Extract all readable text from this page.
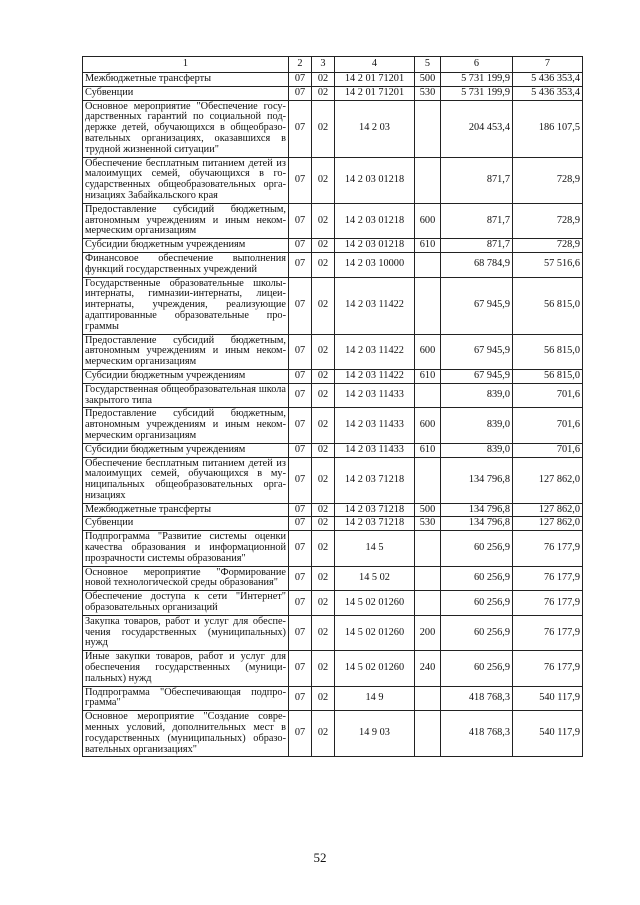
1	2	3	4	5	6	7
Межбюджетные трансферты	07	02	14 2 01 71201	500	5 731 199,9	5 436 353,4
Субвенции	07	02	14 2 01 71201	530	5 731 199,9	5 436 353,4
Основное мероприятие "Обеспечение госу-дарственных гарантий по социальной под-держке детей, обучающихся в общеобразо-вательных организациях, оказавшихся в трудной жизненной ситуации"	07	02	14 2 03		204 453,4	186 107,5
Обеспечение бесплатным питанием детей из малоимущих семей, обучающихся в го-сударственных общеобразовательных орга-низациях Забайкальского края	07	02	14 2 03 01218		871,7	728,9
Предоставление субсидий бюджетным, автономным учреждениям и иным неком-мерческим организациям	07	02	14 2 03 01218	600	871,7	728,9
Субсидии бюджетным учреждениям	07	02	14 2 03 01218	610	871,7	728,9
Финансовое обеспечение выполнения функций государственных учреждений	07	02	14 2 03 10000		68 784,9	57 516,6
Государственные образовательные школы-интернаты, гимназии-интернаты, лицеи-интернаты, учреждения, реализующие адаптированные образовательные про-граммы	07	02	14 2 03 11422		67 945,9	56 815,0
Предоставление субсидий бюджетным, автономным учреждениям и иным неком-мерческим организациям	07	02	14 2 03 11422	600	67 945,9	56 815,0
Субсидии бюджетным учреждениям	07	02	14 2 03 11422	610	67 945,9	56 815,0
Государственная общеобразовательная школа закрытого типа	07	02	14 2 03 11433		839,0	701,6
Предоставление субсидий бюджетным, автономным учреждениям и иным неком-мерческим организациям	07	02	14 2 03 11433	600	839,0	701,6
Субсидии бюджетным учреждениям	07	02	14 2 03 11433	610	839,0	701,6
Обеспечение бесплатным питанием детей из малоимущих семей, обучающихся в му-ниципальных общеобразовательных орга-низациях	07	02	14 2 03 71218		134 796,8	127 862,0
Межбюджетные трансферты	07	02	14 2 03 71218	500	134 796,8	127 862,0
Субвенции	07	02	14 2 03 71218	530	134 796,8	127 862,0
Подпрограмма "Развитие системы оценки качества образования и информационной прозрачности системы образования"	07	02	14 5		60 256,9	76 177,9
Основное мероприятие "Формирование новой технологической среды образования"	07	02	14 5 02		60 256,9	76 177,9
Обеспечение доступа к сети "Интернет" образовательных организаций	07	02	14 5 02 01260		60 256,9	76 177,9
Закупка товаров, работ и услуг для обеспе-чения государственных (муниципальных) нужд	07	02	14 5 02 01260	200	60 256,9	76 177,9
Иные закупки товаров, работ и услуг для обеспечения государственных (муници-пальных) нужд	07	02	14 5 02 01260	240	60 256,9	76 177,9
Подпрограмма "Обеспечивающая подпро-грамма"	07	02	14 9		418 768,3	540 117,9
Основное мероприятие "Создание совре-менных условий, дополнительных мест в государственных (муниципальных) образо-вательных организациях"	07	02	14 9 03		418 768,3	540 117,9
52
